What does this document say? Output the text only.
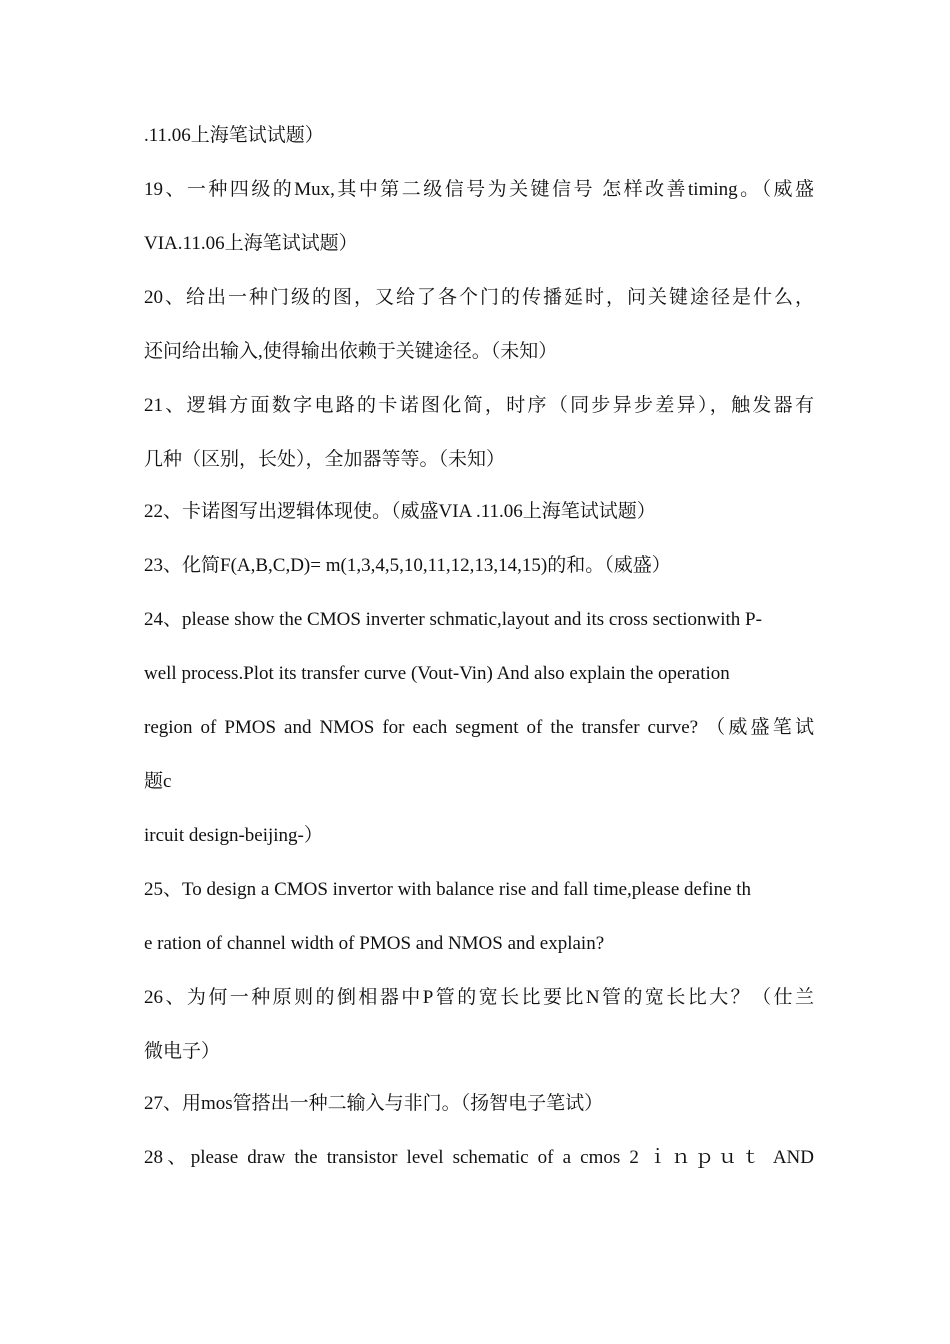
.11.06上海笔试试题）
19、一种四级的Mux,其中第二级信号为关键信号 怎样改善timing。（威盛
VIA.11.06上海笔试试题）
20、给出一种门级的图，又给了各个门的传播延时，问关键途径是什么，
还问给出输入,使得输出依赖于关键途径。（未知）
21、逻辑方面数字电路的卡诺图化简，时序（同步异步差异），触发器有
几种（区别，长处），全加器等等。（未知）
22、卡诺图写出逻辑体现使。（威盛VIA .11.06上海笔试试题）
23、化简F(A,B,C,D)= m(1,3,4,5,10,11,12,13,14,15)的和。（威盛）
24、please show the CMOS inverter schmatic,layout and its cross sectionwith P-
well process.Plot its transfer curve (Vout-Vin) And also explain the operation
region of PMOS and NMOS for each segment of the transfer curve? （威盛笔试
题c
ircuit design-beijing-）
25、To design a CMOS invertor with balance rise and fall time,please define th
e ration of channel width of PMOS and NMOS and explain?
26、为何一种原则的倒相器中P管的宽长比要比N管的宽长比大？（仕兰
微电子）
27、用mos管搭出一种二输入与非门。（扬智电子笔试）
28、please draw the transistor level schematic of a cmos 2 ｉｎｐｕｔ AND
